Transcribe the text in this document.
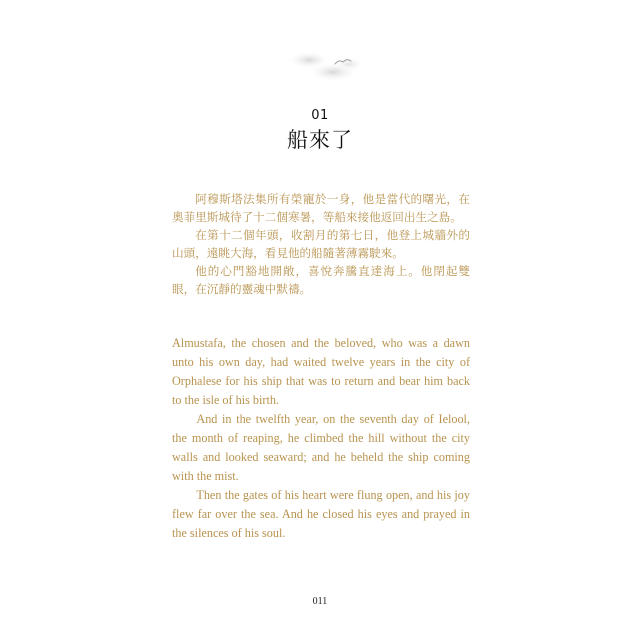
01
船來了

阿穆斯塔法集所有榮寵於一身，他是當代的曙光，在奧菲里斯城待了十二個寒暑，等船來接他返回出生之島。

在第十二個年頭，收割月的第七日，他登上城牆外的山頭，遠眺大海，看見他的船隨著薄霧駛來。

他的心門豁地開敞，喜悅奔騰直達海上。他閉起雙眼，在沉靜的靈魂中默禱。

Almustafa, the chosen and the beloved, who was a dawn unto his own day, had waited twelve years in the city of Orphalese for his ship that was to return and bear him back to the isle of his birth.

And in the twelfth year, on the seventh day of Ielool, the month of reaping, he climbed the hill without the city walls and looked seaward; and he beheld the ship coming with the mist.

Then the gates of his heart were flung open, and his joy flew far over the sea. And he closed his eyes and prayed in the silences of his soul.

011
